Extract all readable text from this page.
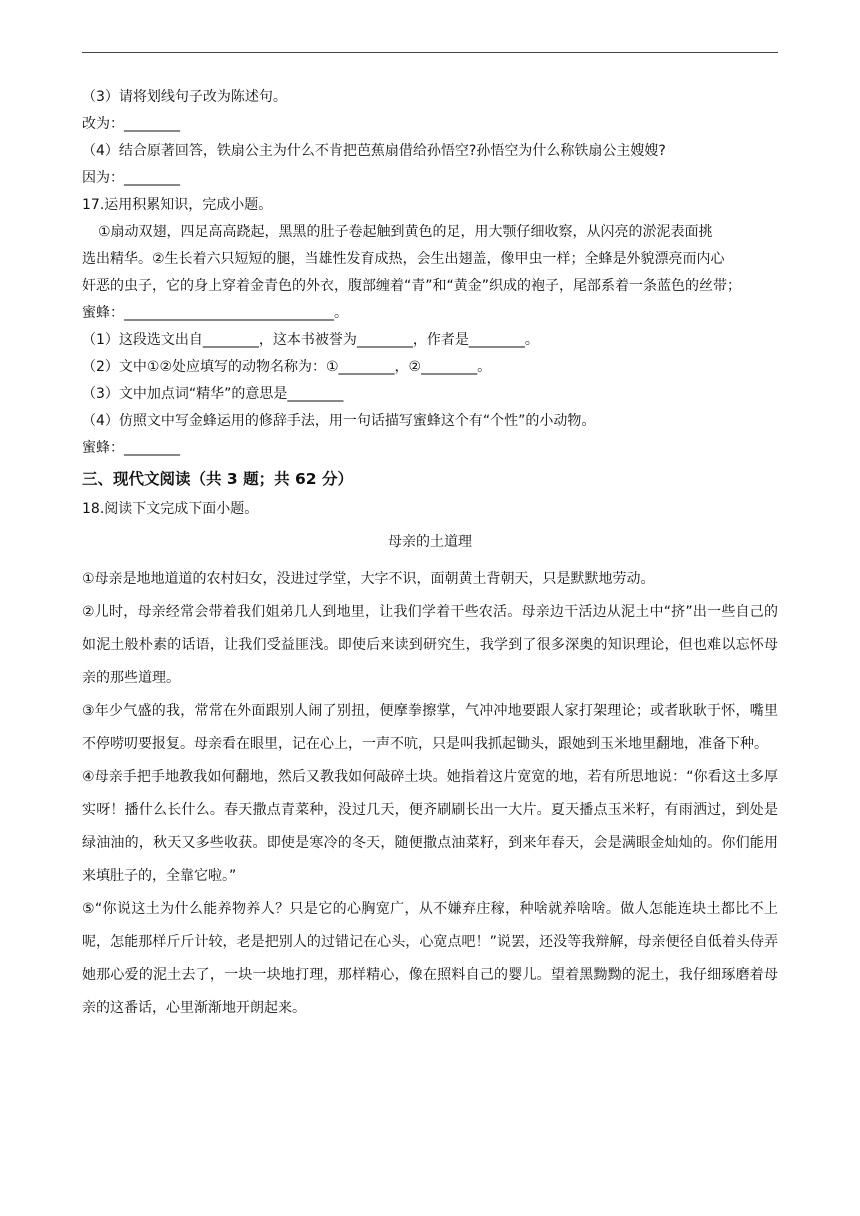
（3）请将划线句子改为陈述句。
改为：________
（4）结合原著回答，铁扇公主为什么不肯把芭蕉扇借给孙悟空?孙悟空为什么称铁扇公主嫂嫂?
因为：________
17.运用积累知识，完成小题。
①扇动双翅，四足高高跷起，黑黑的肚子卷起触到黄色的足，用大颚仔细收察，从闪亮的淤泥表面挑
选出精华。②生长着六只短短的腿，当雄性发育成热，会生出翅盖，像甲虫一样；全蜂是外貌漂亮而内心
奸恶的虫子，它的身上穿着金青色的外衣，腹部缠着“青”和“黄金”织成的袍子，尾部系着一条蓝色的丝带；
蜜蜂：______________________________。
（1）这段选文出自________，这本书被誉为________，作者是________。
（2）文中①②处应填写的动物名称为：①________，②________。
（3）文中加点词“精华”的意思是________
（4）仿照文中写金蜂运用的修辞手法，用一句话描写蜜蜂这个有“个性”的小动物。
蜜蜂：________
三、现代文阅读（共 3 题；共 62 分）
18.阅读下文完成下面小题。
母亲的土道理
①母亲是地地道道的农村妇女，没进过学堂，大字不识，面朝黄土背朝天，只是默默地劳动。
②儿时，母亲经常会带着我们姐弟几人到地里，让我们学着干些农活。母亲边干活边从泥土中“挤”出一些自己的如泥土般朴素的话语，让我们受益匪浅。即使后来读到研究生，我学到了很多深奥的知识理论，但也难以忘怀母亲的那些道理。
③年少气盛的我，常常在外面跟别人闹了别扭，便摩拳擦掌，气冲冲地要跟人家打架理论；或者耿耿于怀，嘴里不停唠叨要报复。母亲看在眼里，记在心上，一声不吭，只是叫我抓起锄头，跟她到玉米地里翻地，准备下种。
④母亲手把手地教我如何翻地，然后又教我如何敲碎土块。她指着这片宽宽的地，若有所思地说：“你看这土多厚实呀！播什么长什么。春天撒点青菜种，没过几天，便齐刷刷长出一大片。夏天播点玉米籽，有雨洒过，到处是绿油油的，秋天又多些收获。即使是寒冷的冬天，随便撒点油菜籽，到来年春天，会是满眼金灿灿的。你们能用来填肚子的，全靠它啦。”
⑤“你说这土为什么能养物养人？只是它的心胸宽广，从不嫌弃庄稼，种啥就养啥啥。做人怎能连块土都比不上呢，怎能那样斤斤计较，老是把别人的过错记在心头，心宽点吧！”说罢，还没等我辩解，母亲便径自低着头侍弄她那心爱的泥土去了，一块一块地打理，那样精心，像在照料自己的婴儿。望着黑黝黝的泥土，我仔细琢磨着母亲的这番话，心里渐渐地开朗起来。
